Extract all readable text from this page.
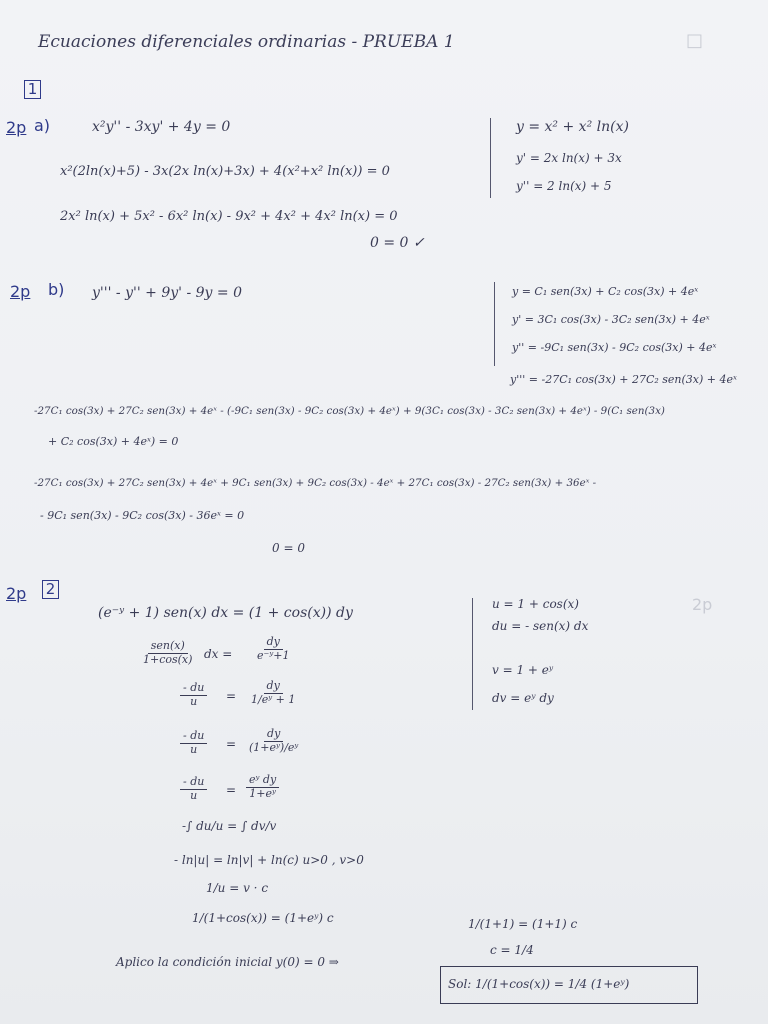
□
2p
Ecuaciones diferenciales ordinarias - PRUEBA 1
1
2p a)	x²y'' - 3xy' + 4y = 0
x²(2ln(x)+5) - 3x(2x ln(x)+3x) + 4(x²+x² ln(x)) = 0
2x² ln(x) + 5x² - 6x² ln(x) - 9x² + 4x² + 4x² ln(x) = 0
0 = 0 ✓
y = x² + x² ln(x)
y' = 2x ln(x) + 3x
y'' = 2 ln(x) + 5
2p b) y''' - y'' + 9y' - 9y = 0	y = C₁ sen(3x) + C₂ cos(3x) + 4eˣ
y' = 3C₁ cos(3x) - 3C₂ sen(3x) + 4eˣ
y'' = -9C₁ sen(3x) - 9C₂ cos(3x) + 4eˣ
y''' = -27C₁ cos(3x) + 27C₂ sen(3x) + 4eˣ
-27C₁ cos(3x) + 27C₂ sen(3x) + 4eˣ - (-9C₁ sen(3x) - 9C₂ cos(3x) + 4eˣ) + 9(3C₁ cos(3x) - 3C₂ sen(3x) + 4eˣ) - 9(C₁ sen(3x)
+ C₂ cos(3x) + 4eˣ) = 0
-27C₁ cos(3x) + 27C₂ sen(3x) + 4eˣ + 9C₁ sen(3x) + 9C₂ cos(3x) - 4eˣ + 27C₁ cos(3x) - 27C₂ sen(3x) + 36eˣ -
- 9C₁ sen(3x) - 9C₂ cos(3x) - 36eˣ = 0
0 = 0
2p 2
(e⁻ʸ + 1) sen(x) dx = (1 + cos(x)) dy
u = 1 + cos(x)
du = - sen(x) dx
v = 1 + eʸ
dv = eʸ dy
sen(x)
1+cos(x) dx = $\frac{dy}{\text{e⁻ʸ+1}}$
$\frac{- du}{u} = \frac{dy}{\text{1/eʸ + 1}}$
$\frac{- du}{u} = \frac{dy}{\text{(1+eʸ)/eʸ}}$
$\frac{- du}{u} = \frac{\text{eʸ dy}}{\text{1+eʸ}}$
-∫ du/u = ∫ dv/v
- ln|u| = ln|v| + ln(c) u>0 , v>0
1/u = v · c
1/(1+cos(x)) = (1+eʸ) c	1/(1+1) = (1+1) c
c = 1/4
Aplico la condición inicial y(0) = 0 ⇒
Sol: 1/(1+cos(x)) = 1/4 (1+eʸ)
